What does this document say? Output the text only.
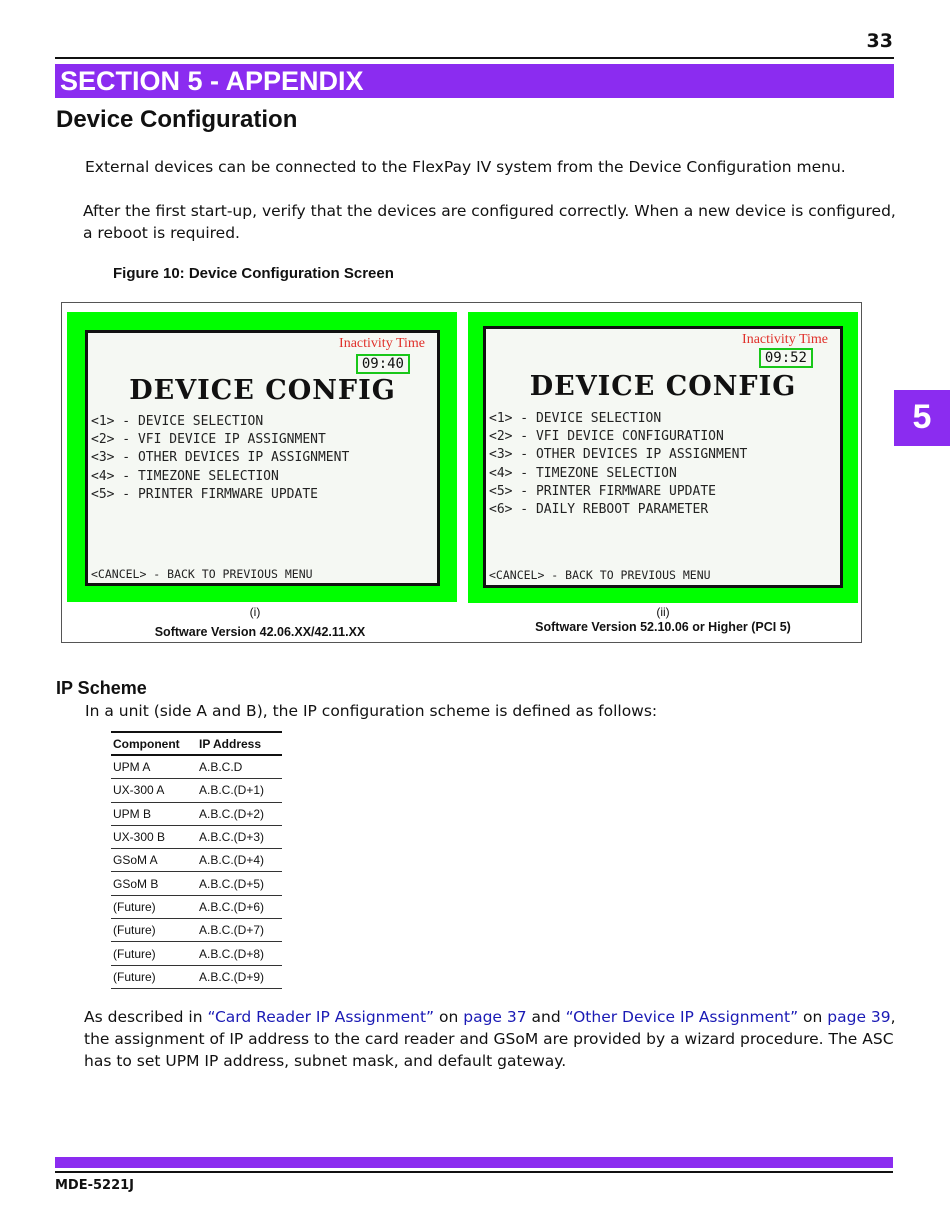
33
SECTION 5 - APPENDIX
Device Configuration
External devices can be connected to the FlexPay IV system from the Device Configuration menu.
After the first start-up, verify that the devices are configured correctly. When a new device is configured, a reboot is required.
Figure 10: Device Configuration Screen
Inactivity Time
09:40
DEVICE CONFIG
<1> - DEVICE SELECTION
<2> - VFI DEVICE IP ASSIGNMENT
<3> - OTHER DEVICES IP ASSIGNMENT
<4> - TIMEZONE SELECTION
<5> - PRINTER FIRMWARE UPDATE
<CANCEL> - BACK TO PREVIOUS MENU
(i)
Software Version 42.06.XX/42.11.XX
Inactivity Time
09:52
DEVICE CONFIG
<1> - DEVICE SELECTION
<2> - VFI DEVICE CONFIGURATION
<3> - OTHER DEVICES IP ASSIGNMENT
<4> - TIMEZONE SELECTION
<5> - PRINTER FIRMWARE UPDATE
<6> - DAILY REBOOT PARAMETER
<CANCEL> - BACK TO PREVIOUS MENU
(ii)
Software Version 52.10.06 or Higher (PCI 5)
5
IP Scheme
In a unit (side A and B), the IP configuration scheme is defined as follows:
Component	IP Address
UPM A	A.B.C.D
UX-300 A	A.B.C.(D+1)
UPM B	A.B.C.(D+2)
UX-300 B	A.B.C.(D+3)
GSoM A	A.B.C.(D+4)
GSoM B	A.B.C.(D+5)
(Future)	A.B.C.(D+6)
(Future)	A.B.C.(D+7)
(Future)	A.B.C.(D+8)
(Future)	A.B.C.(D+9)
As described in “Card Reader IP Assignment” on page 37 and “Other Device IP Assignment” on page 39, the assignment of IP address to the card reader and GSoM are provided by a wizard procedure. The ASC has to set UPM IP address, subnet mask, and default gateway.
MDE-5221J
